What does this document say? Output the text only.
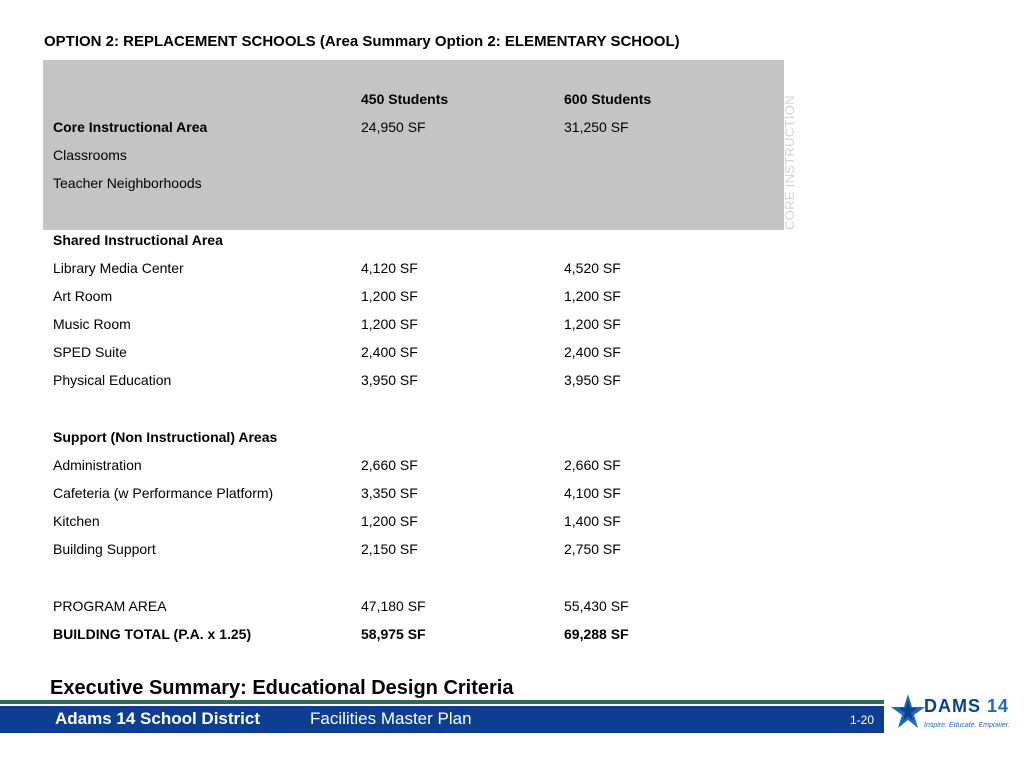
OPTION 2: REPLACEMENT SCHOOLS (Area Summary Option 2: ELEMENTARY SCHOOL)
CORE INSTRUCTION
450 Students	600 Students
Core Instructional Area	24,950 SF	31,250 SF
Classrooms
Teacher Neighborhoods
Shared Instructional Area
Library Media Center	4,120 SF	4,520 SF
Art Room	1,200 SF	1,200 SF
Music Room	1,200 SF	1,200 SF
SPED Suite	2,400 SF	2,400 SF
Physical Education	3,950 SF	3,950 SF
Support (Non Instructional) Areas
Administration	2,660 SF	2,660 SF
Cafeteria (w Performance Platform)	3,350 SF	4,100 SF
Kitchen	1,200 SF	1,400 SF
Building Support	2,150 SF	2,750 SF
PROGRAM AREA	47,180 SF	55,430 SF
BUILDING TOTAL (P.A. x 1.25)	58,975 SF	69,288 SF
Executive Summary: Educational Design Criteria
Adams 14 School District	Facilities Master Plan	1-20
DAMS 14
Inspire. Educate. Empower.
